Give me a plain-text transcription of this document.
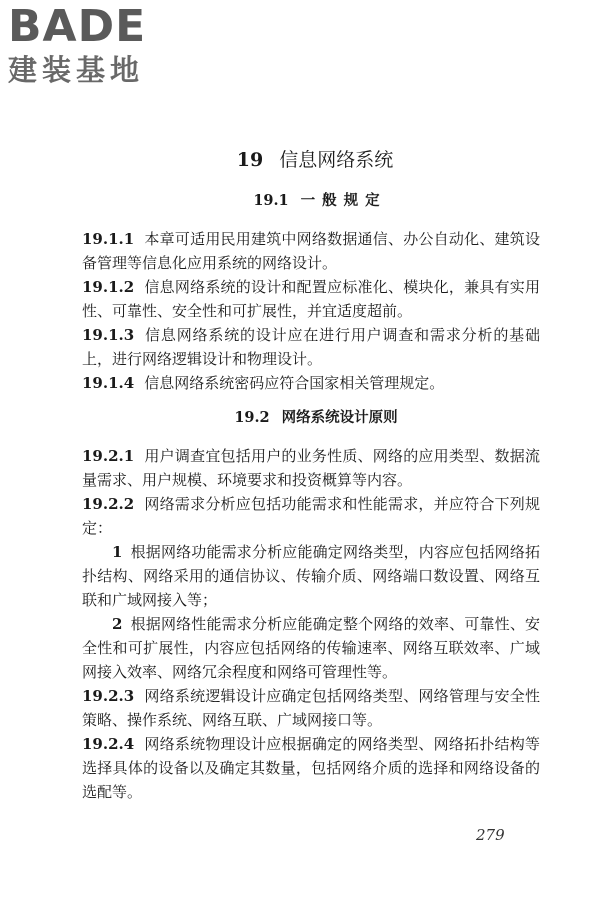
BADE
建装基地
19 信息网络系统
19.1 一般规定

19.1.1 本章可适用民用建筑中网络数据通信、办公自动化、建筑设备管理等信息化应用系统的网络设计。

19.1.2 信息网络系统的设计和配置应标准化、模块化，兼具有实用性、可靠性、安全性和可扩展性，并宜适度超前。

19.1.3 信息网络系统的设计应在进行用户调查和需求分析的基础上，进行网络逻辑设计和物理设计。

19.1.4 信息网络系统密码应符合国家相关管理规定。

19.2 网络系统设计原则

19.2.1 用户调查宜包括用户的业务性质、网络的应用类型、数据流量需求、用户规模、环境要求和投资概算等内容。

19.2.2 网络需求分析应包括功能需求和性能需求，并应符合下列规定：

1 根据网络功能需求分析应能确定网络类型，内容应包括网络拓扑结构、网络采用的通信协议、传输介质、网络端口数设置、网络互联和广域网接入等；

2 根据网络性能需求分析应能确定整个网络的效率、可靠性、安全性和可扩展性，内容应包括网络的传输速率、网络互联效率、广域网接入效率、网络冗余程度和网络可管理性等。

19.2.3 网络系统逻辑设计应确定包括网络类型、网络管理与安全性策略、操作系统、网络互联、广域网接口等。

19.2.4 网络系统物理设计应根据确定的网络类型、网络拓扑结构等选择具体的设备以及确定其数量，包括网络介质的选择和网络设备的选配等。

279
